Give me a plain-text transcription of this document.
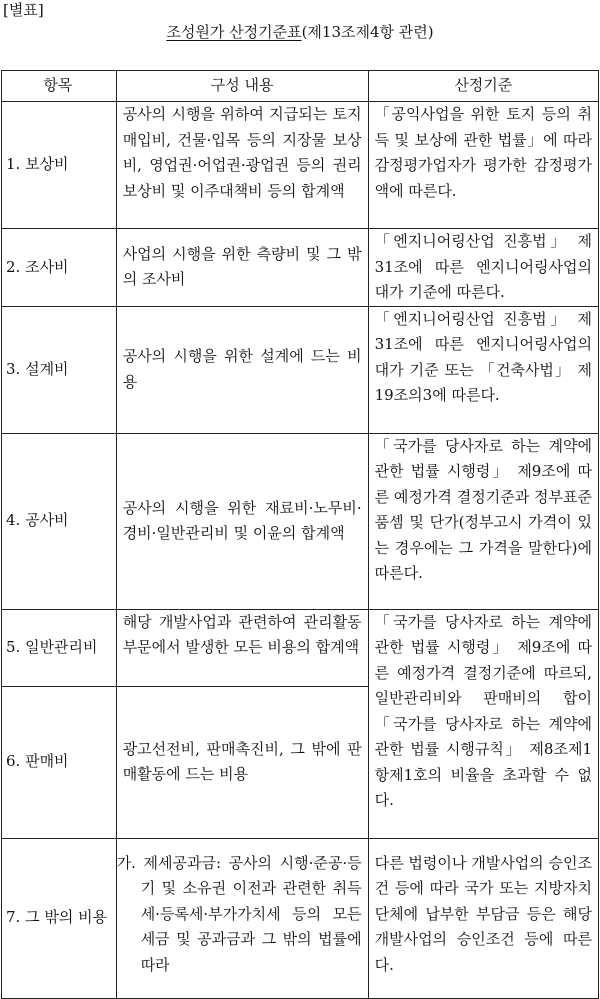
[별표]
조성원가 산정기준표(제13조제4항 관련)
항목	구성 내용	산정기준
1. 보상비	공사의 시행을 위하여 지급되는 토지매입비, 건물·입목 등의 지장물 보상비, 영업권·어업권·광업권 등의 권리보상비 및 이주대책비 등의 합계액	「공익사업을 위한 토지 등의 취득 및 보상에 관한 법률」에 따라 감정평가업자가 평가한 감정평가액에 따른다.
2. 조사비	사업의 시행을 위한 측량비 및 그 밖의 조사비	「엔지니어링산업 진흥법」 제31조에 따른 엔지니어링사업의 대가 기준에 따른다.
3. 설계비	공사의 시행을 위한 설계에 드는 비용	「엔지니어링산업 진흥법」 제31조에 따른 엔지니어링사업의 대가 기준 또는 「건축사법」 제19조의3에 따른다.
4. 공사비	공사의 시행을 위한 재료비·노무비·경비·일반관리비 및 이윤의 합계액	「국가를 당사자로 하는 계약에 관한 법률 시행령」 제9조에 따른 예정가격 결정기준과 정부표준품셈 및 단가(정부고시 가격이 있는 경우에는 그 가격을 말한다)에 따른다.
5. 일반관리비	해당 개발사업과 관련하여 관리활동부문에서 발생한 모든 비용의 합계액	「국가를 당사자로 하는 계약에 관한 법률 시행령」 제9조에 따른 예정가격 결정기준에 따르되, 일반관리비와 판매비의 합이 「국가를 당사자로 하는 계약에 관한 법률 시행규칙」 제8조제1항제1호의 비율을 초과할 수 없다.
6. 판매비	광고선전비, 판매촉진비, 그 밖에 판매활동에 드는 비용	
7. 그 밖의 비용	가. 제세공과금: 공사의 시행·준공·등기 및 소유권 이전과 관련한 취득세·등록세·부가가치세 등의 모든 세금 및 공과금과 그 밖의 법률에 따라	다른 법령이나 개발사업의 승인조건 등에 따라 국가 또는 지방자치단체에 납부한 부담금 등은 해당 개발사업의 승인조건 등에 따른다.
